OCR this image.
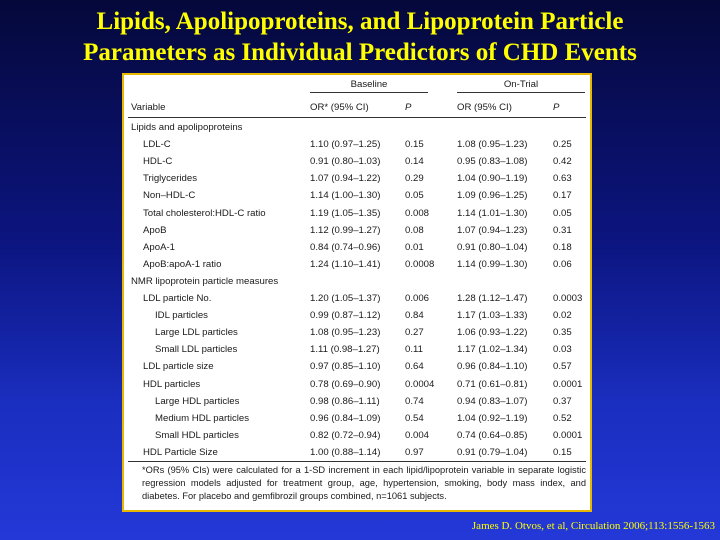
Lipids, Apolipoproteins, and Lipoprotein Particle
Parameters as Individual Predictors of CHD Events
Baseline	On-Trial
Variable	OR* (95% CI)	P	OR (95% CI)	P
Lipids and apolipoproteins
LDL-C	1.10 (0.97–1.25)	0.15	1.08 (0.95–1.23)	0.25
HDL-C	0.91 (0.80–1.03)	0.14	0.95 (0.83–1.08)	0.42
Triglycerides	1.07 (0.94–1.22)	0.29	1.04 (0.90–1.19)	0.63
Non–HDL-C	1.14 (1.00–1.30)	0.05	1.09 (0.96–1.25)	0.17
Total cholesterol:HDL-C ratio	1.19 (1.05–1.35)	0.008	1.14 (1.01–1.30)	0.05
ApoB	1.12 (0.99–1.27)	0.08	1.07 (0.94–1.23)	0.31
ApoA-1	0.84 (0.74–0.96)	0.01	0.91 (0.80–1.04)	0.18
ApoB:apoA-1 ratio	1.24 (1.10–1.41)	0.0008 1.14 (0.99–1.30)	0.06
NMR lipoprotein particle measures
LDL particle No.	1.20 (1.05–1.37)	0.006	1.28 (1.12–1.47)	0.0003
IDL particles	0.99 (0.87–1.12)	0.84	1.17 (1.03–1.33)	0.02
Large LDL particles	1.08 (0.95–1.23)	0.27	1.06 (0.93–1.22)	0.35
Small LDL particles	1.11 (0.98–1.27)	0.11	1.17 (1.02–1.34)	0.03
LDL particle size	0.97 (0.85–1.10)	0.64	0.96 (0.84–1.10)	0.57
HDL particles	0.78 (0.69–0.90)	0.0004 0.71 (0.61–0.81)	0.0001
Large HDL particles	0.98 (0.86–1.11)	0.74	0.94 (0.83–1.07)	0.37
Medium HDL particles	0.96 (0.84–1.09)	0.54	1.04 (0.92–1.19)	0.52
Small HDL particles	0.82 (0.72–0.94)	0.004	0.74 (0.64–0.85)	0.0001
HDL Particle Size	1.00 (0.88–1.14)	0.97	0.91 (0.79–1.04)	0.15
*ORs (95% CIs) were calculated for a 1-SD increment in each lipid/lipoprotein variable in separate logistic regression models adjusted for treatment group, age, hypertension, smoking, body mass index, and diabetes. For placebo and gemfibrozil groups combined, n=1061 subjects.
James D. Otvos, et al, Circulation 2006;113:1556-1563
